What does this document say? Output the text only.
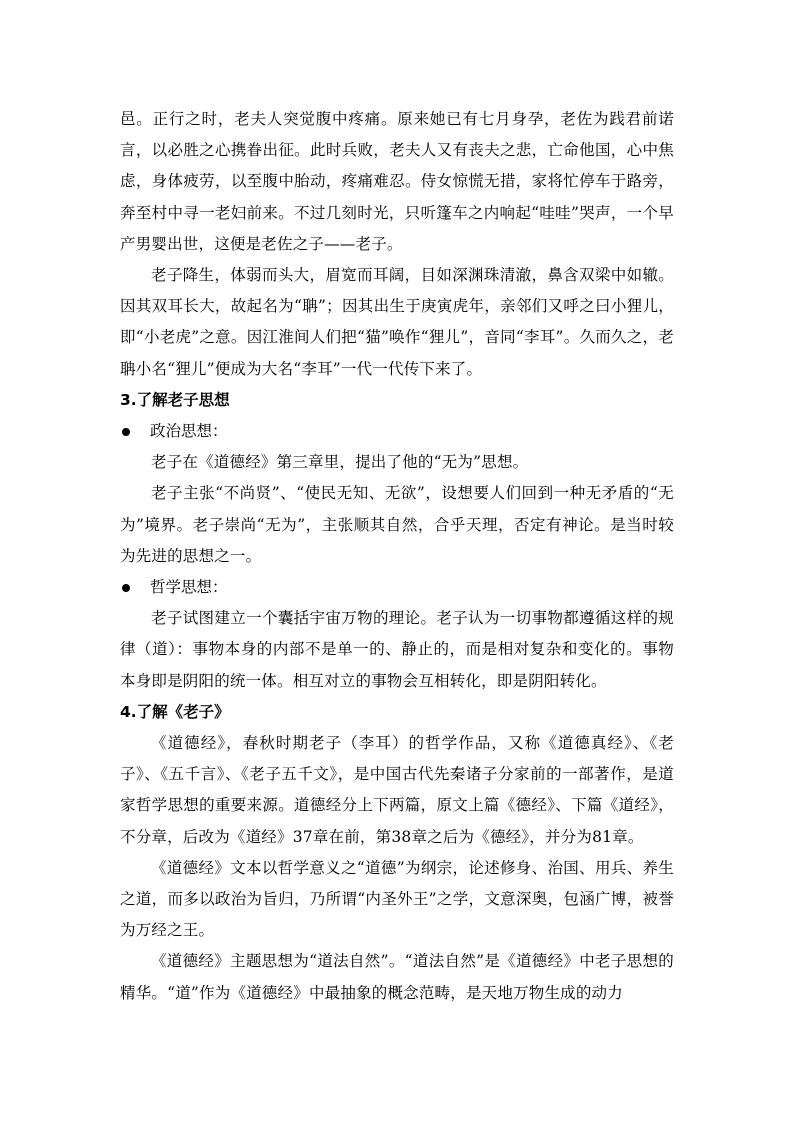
邑。正行之时，老夫人突觉腹中疼痛。原来她已有七月身孕，老佐为践君前诺言，以必胜之心携眷出征。此时兵败，老夫人又有丧夫之悲，亡命他国，心中焦虑，身体疲劳，以至腹中胎动，疼痛难忍。侍女惊慌无措，家将忙停车于路旁，奔至村中寻一老妇前来。不过几刻时光，只听篷车之内响起“哇哇”哭声，一个早产男婴出世，这便是老佐之子——老子。

老子降生，体弱而头大，眉宽而耳阔，目如深渊珠清澈，鼻含双梁中如辙。因其双耳长大，故起名为“聃”；因其出生于庚寅虎年，亲邻们又呼之曰小狸儿，即“小老虎”之意。因江淮间人们把“猫”唤作“狸儿”，音同“李耳”。久而久之，老聃小名“狸儿”便成为大名“李耳”一代一代传下来了。

3.了解老子思想

政治思想：

老子在《道德经》第三章里，提出了他的“无为”思想。

老子主张“不尚贤”、“使民无知、无欲”，设想要人们回到一种无矛盾的“无为”境界。老子崇尚“无为”，主张顺其自然，合乎天理，否定有神论。是当时较为先进的思想之一。

哲学思想：

老子试图建立一个囊括宇宙万物的理论。老子认为一切事物都遵循这样的规律（道）：事物本身的内部不是单一的、静止的，而是相对复杂和变化的。事物本身即是阴阳的统一体。相互对立的事物会互相转化，即是阴阳转化。

4.了解《老子》

《道德经》，春秋时期老子（李耳）的哲学作品，又称《道德真经》、《老子》、《五千言》、《老子五千文》，是中国古代先秦诸子分家前的一部著作，是道家哲学思想的重要来源。道德经分上下两篇，原文上篇《德经》、下篇《道经》，不分章，后改为《道经》37章在前，第38章之后为《德经》，并分为81章。

《道德经》文本以哲学意义之“道德”为纲宗，论述修身、治国、用兵、养生之道，而多以政治为旨归，乃所谓“内圣外王”之学，文意深奥，包涵广博，被誉为万经之王。

《道德经》主题思想为“道法自然”。“道法自然”是《道德经》中老子思想的精华。“道”作为《道德经》中最抽象的概念范畴，是天地万物生成的动力
